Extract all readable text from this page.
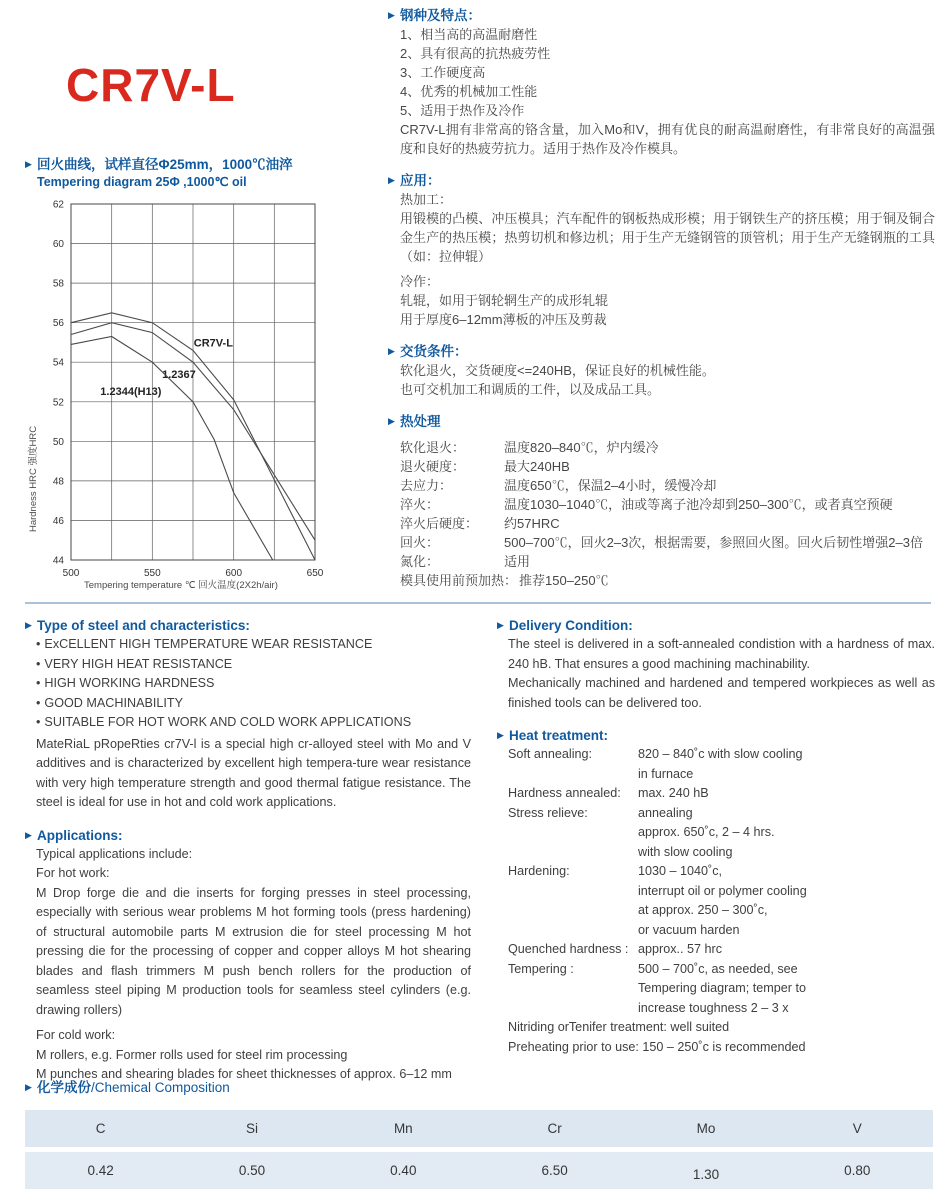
CR7V-L
▶ 回火曲线，试样直径Φ25mm，1000℃油淬
Tempering diagram 25Φ ,1000℃ oil
44
46
48
50
52
54
56
58
60
62
500	550	600	650
CR7V-L
1.2367
1.2344(H13)
Tempering temperature ℃ 回火温度(2X2h/air)
Hardness HRC 强度HRC
▶ 钢种及特点：
1、相当高的高温耐磨性
2、具有很高的抗热疲劳性
3、工作硬度高
4、优秀的机械加工性能
5、适用于热作及冷作
CR7V-L拥有非常高的铬含量，加入Mo和V，拥有优良的耐高温耐磨性，有非常良好的高温强度和良好的热疲劳抗力。适用于热作及冷作模具。
▶ 应用：
热加工：
用锻模的凸模、冲压模具；汽车配件的钢板热成形模；用于钢铁生产的挤压模；用于铜及铜合金生产的热压模；热剪切机和修边机；用于生产无缝钢管的顶管机；用于生产无缝钢瓶的工具（如：拉伸辊）
冷作：
轧辊，如用于钢轮辋生产的成形轧辊
用于厚度6–12mm薄板的冲压及剪裁
▶ 交货条件：
软化退火，交货硬度<=240HB，保证良好的机械性能。
也可交机加工和调质的工件，以及成品工具。
▶ 热处理
软化退火：	温度820–840℃，炉内缓冷
退火硬度：	最大240HB
去应力：	温度650℃，保温2–4小时，缓慢冷却
淬火：	温度1030–1040℃，油或等离子池冷却到250–300℃，或者真空预硬
淬火后硬度：	约57HRC
回火：	500–700℃，回火2–3次，根据需要，参照回火图。回火后韧性增强2–3倍
氮化：	适用
模具使用前预加热： 推荐150–250℃
▶ Type of steel and characteristics:
• ExCELLENT HIGH TEMPERATURE WEAR RESISTANCE
• VERY HIGH HEAT RESISTANCE
• HIGH WORKING HARDNESS
• GOOD MACHINABILITY
• SUITABLE FOR HOT WORK AND COLD WORK APPLICATIONS
MateRiaL pRopeRties cr7V-l is a special high cr-alloyed steel with Mo and V additives and is characterized by excellent high tempera-ture wear resistance with very high temperature strength and good thermal fatigue resistance. The steel is ideal for use in hot and cold work applications.
▶ Applications:
Typical applications include:
For hot work:
M Drop forge die and die inserts for forging presses in steel processing, especially with serious wear problems M hot forming tools (press hardening) of structural automobile parts M extrusion die for steel processing M hot pressing die for the processing of copper and copper alloys M hot shearing blades and flash trimmers M push bench rollers for the production of seamless steel piping M production tools for seamless steel cylinders (e.g. drawing rollers)
For cold work:
M rollers, e.g. Former rolls used for steel rim processing
M punches and shearing blades for sheet thicknesses of approx. 6–12 mm
▶ Delivery Condition:
The steel is delivered in a soft-annealed condistion with a hardness of max. 240 hB. That ensures a good machining machinability.
Mechanically machined and hardened and tempered workpieces as well as finished tools can be delivered too.
▶ Heat treatment:
Soft annealing:	820 – 840˚c with slow cooling
in furnace
Hardness annealed:	max. 240 hB
Stress relieve:	annealing
approx. 650˚c, 2 – 4 hrs.
with slow cooling
Hardening:	1030 – 1040˚c,
interrupt oil or polymer cooling
at approx. 250 – 300˚c,
or vacuum harden
Quenched hardness : approx.. 57 hrc
Tempering :	500 – 700˚c, as needed, see
Tempering diagram; temper to
increase toughness 2 – 3 x
Nitriding orTenifer treatment: well suited
Preheating prior to use: 150 – 250˚c is recommended
▶ 化学成份 /Chemical Composition
C	Si	Mn	Cr	Mo	V
0.42	0.50	0.40	6.50	1.30	0.80
